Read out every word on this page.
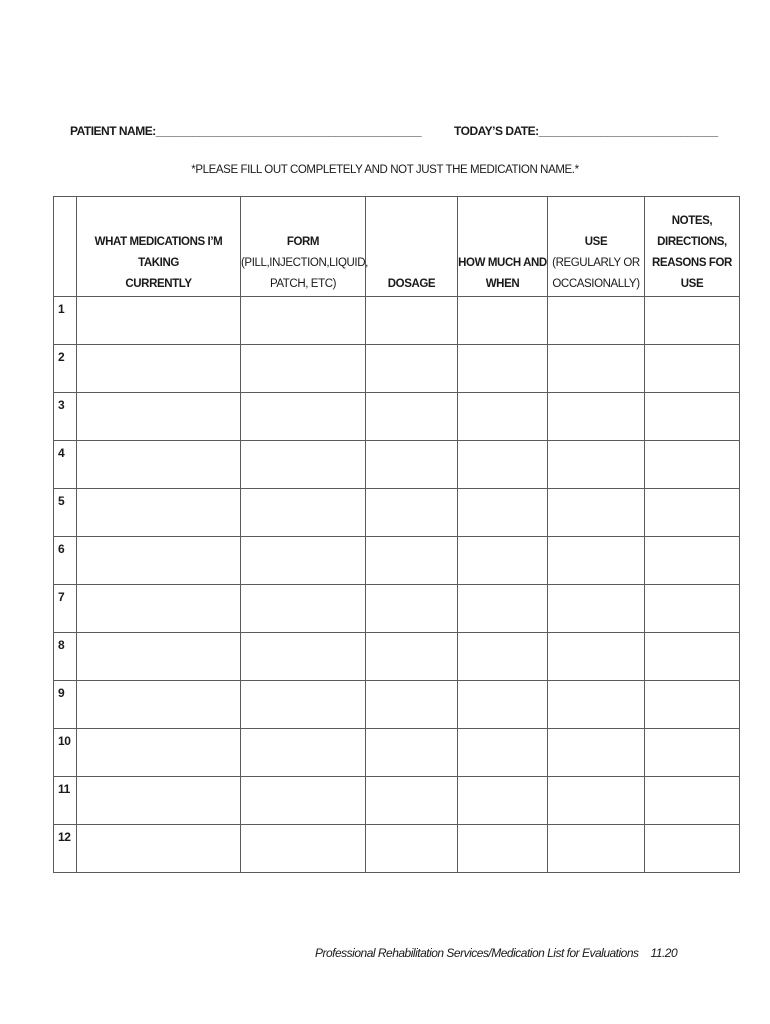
PATIENT NAME:___________________________________________	TODAY’S DATE:_____________________________
*PLEASE FILL OUT COMPLETELY AND NOT JUST THE MEDICATION NAME.*

	WHAT MEDICATIONS I’M TAKING
CURRENTLY	FORM
(PILL,INJECTION,LIQUID,
PATCH, ETC)	DOSAGE	HOW MUCH AND
WHEN	USE
(REGULARLY OR
OCCASIONALLY)	NOTES,
DIRECTIONS,
REASONS FOR USE

1						
2						
3						
4						
5						
6						
7						
8						
9						
10						
11						
12						
Professional Rehabilitation Services/Medication List for Evaluations 11.20
